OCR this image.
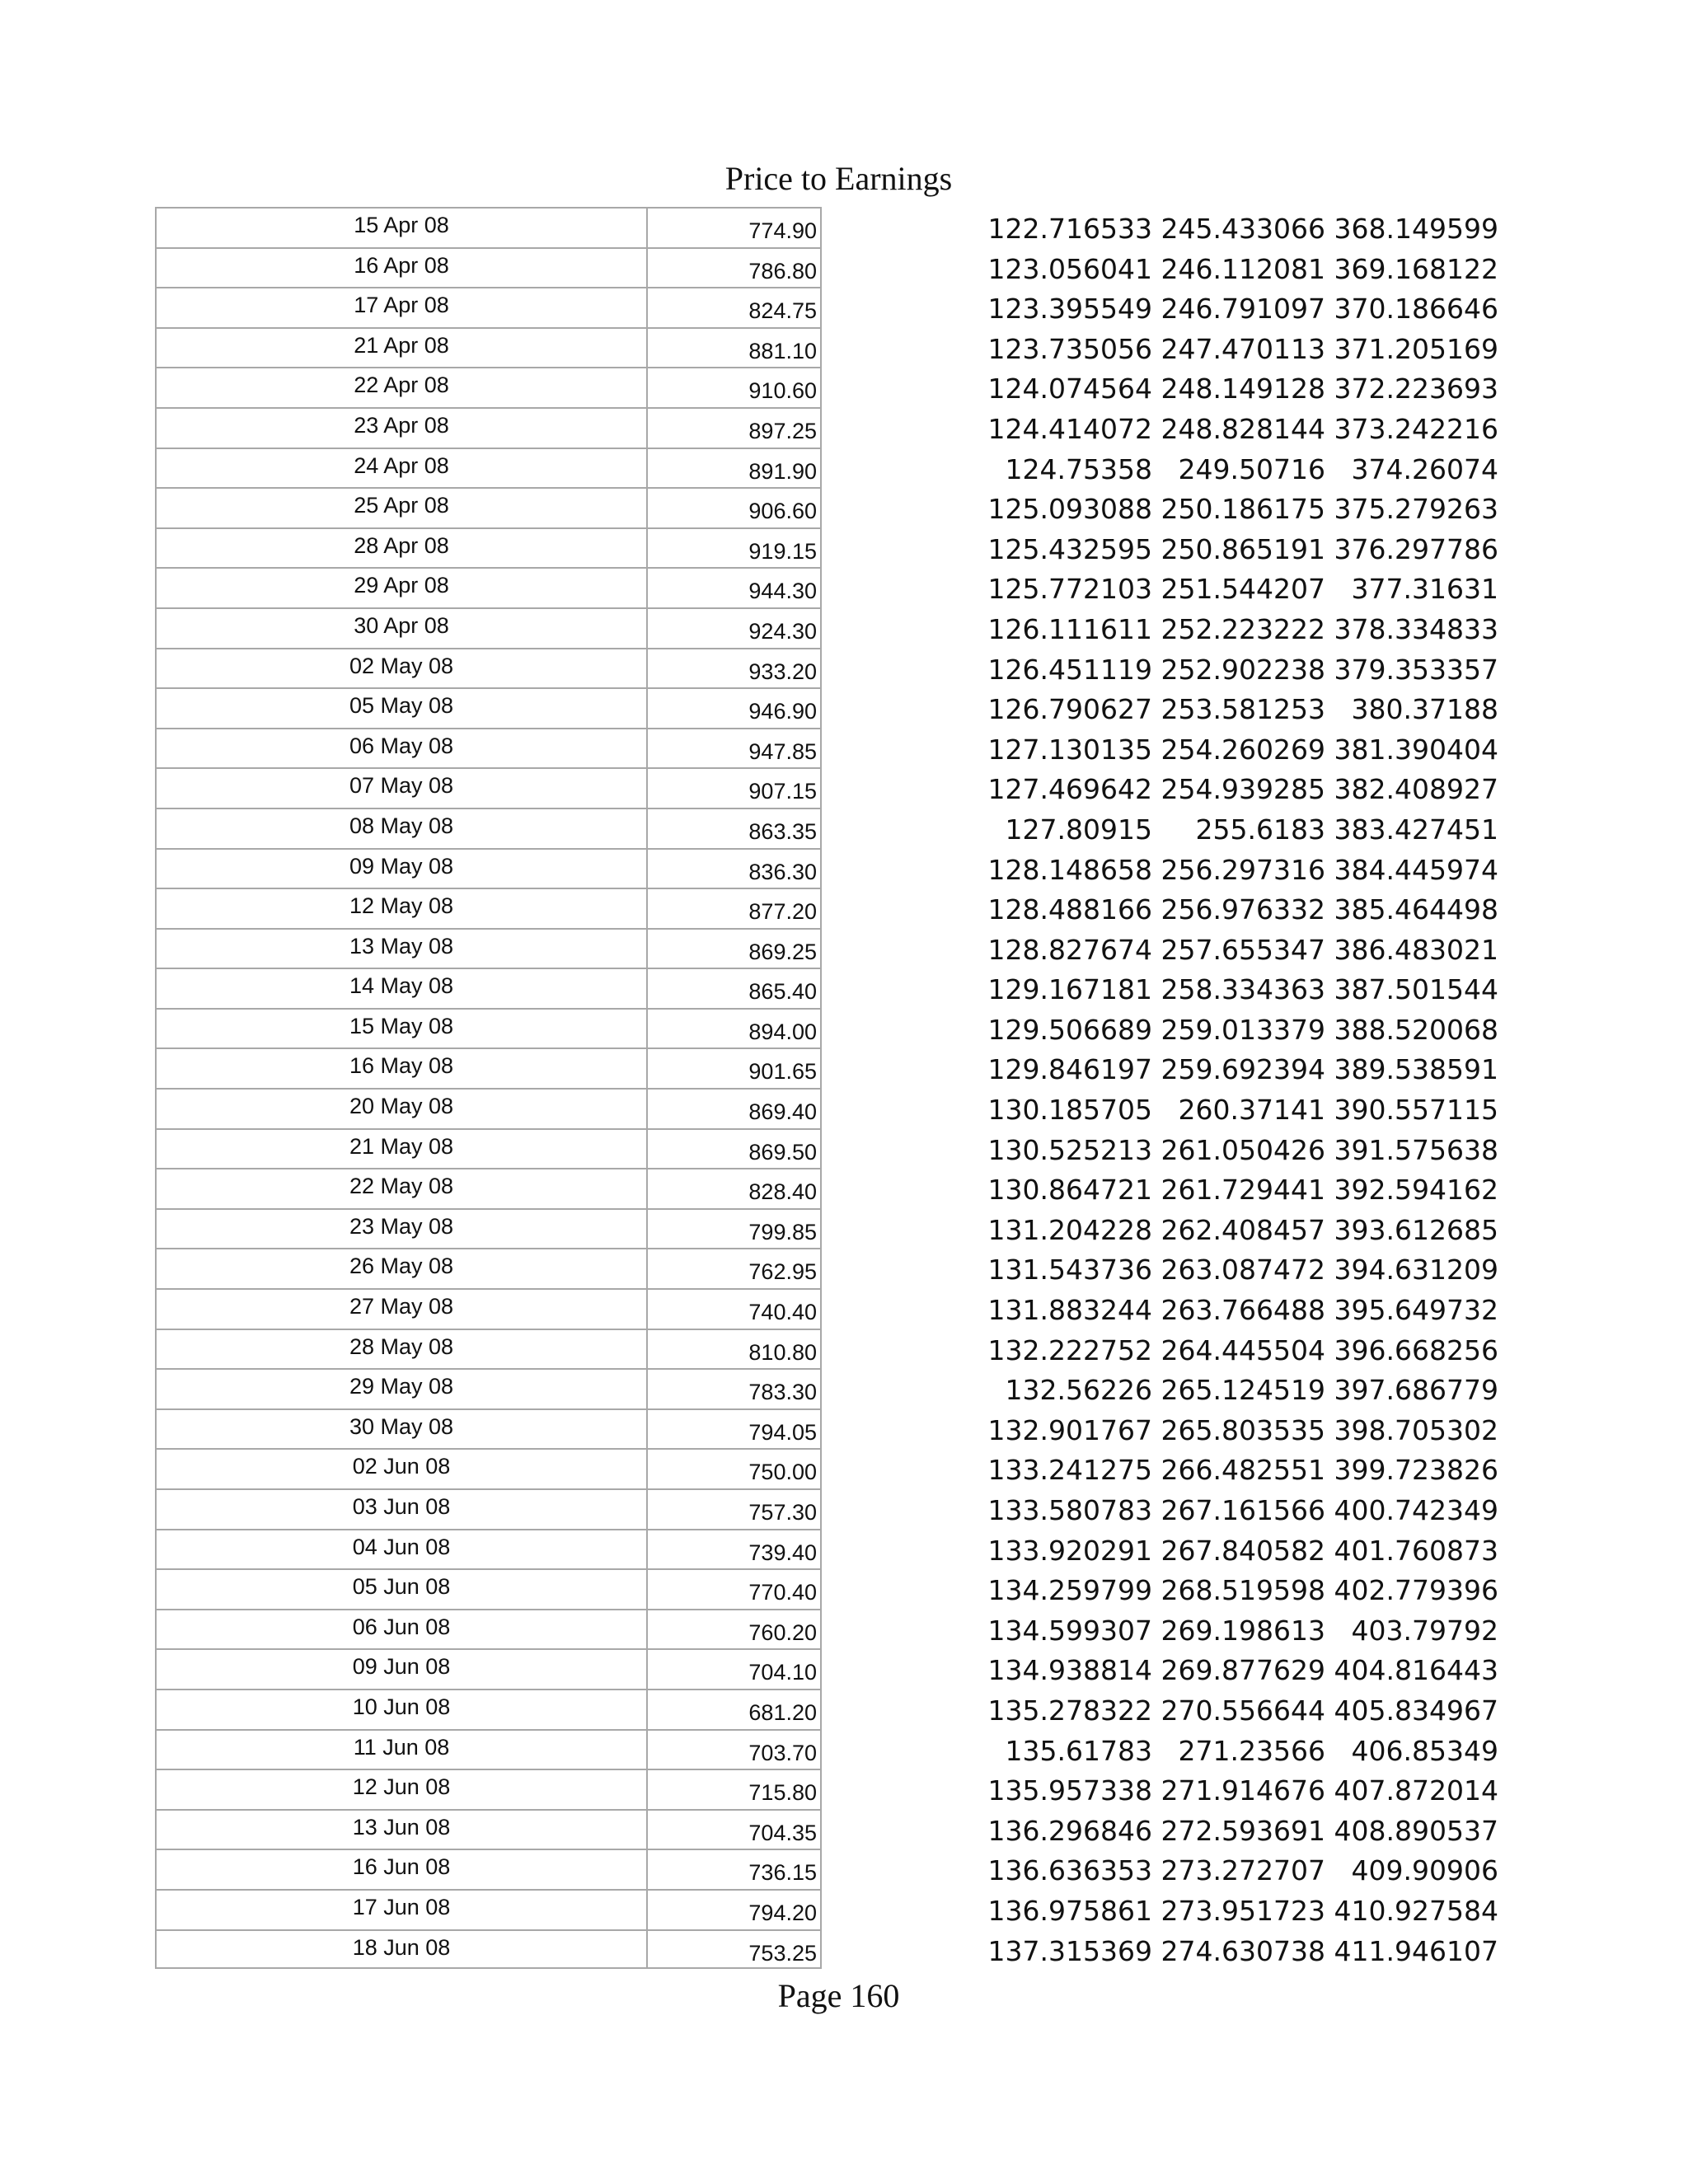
Price to Earnings
15 Apr 08	774.90	122.716533 245.433066 368.149599
16 Apr 08	786.80	123.056041 246.112081 369.168122
17 Apr 08	824.75	123.395549 246.791097 370.186646
21 Apr 08	881.10	123.735056 247.470113 371.205169
22 Apr 08	910.60	124.074564 248.149128 372.223693
23 Apr 08	897.25	124.414072 248.828144 373.242216
24 Apr 08	891.90	124.75358 249.50716 374.26074
25 Apr 08	906.60	125.093088 250.186175 375.279263
28 Apr 08	919.15	125.432595 250.865191 376.297786
29 Apr 08	944.30	125.772103 251.544207 377.31631
30 Apr 08	924.30	126.111611 252.223222 378.334833
02 May 08	933.20	126.451119 252.902238 379.353357
05 May 08	946.90	126.790627 253.581253 380.37188
06 May 08	947.85	127.130135 254.260269 381.390404
07 May 08	907.15	127.469642 254.939285 382.408927
08 May 08	863.35	127.80915	255.6183 383.427451
09 May 08	836.30	128.148658 256.297316 384.445974
12 May 08	877.20	128.488166 256.976332 385.464498
13 May 08	869.25	128.827674 257.655347 386.483021
14 May 08	865.40	129.167181 258.334363 387.501544
15 May 08	894.00	129.506689 259.013379 388.520068
16 May 08	901.65	129.846197 259.692394 389.538591
20 May 08	869.40	130.185705 260.37141 390.557115
21 May 08	869.50	130.525213 261.050426 391.575638
22 May 08	828.40	130.864721 261.729441 392.594162
23 May 08	799.85	131.204228 262.408457 393.612685
26 May 08	762.95	131.543736 263.087472 394.631209
27 May 08	740.40	131.883244 263.766488 395.649732
28 May 08	810.80	132.222752 264.445504 396.668256
29 May 08	783.30	132.56226 265.124519 397.686779
30 May 08	794.05	132.901767 265.803535 398.705302
02 Jun 08	750.00	133.241275 266.482551 399.723826
03 Jun 08	757.30	133.580783 267.161566 400.742349
04 Jun 08	739.40	133.920291 267.840582 401.760873
05 Jun 08	770.40	134.259799 268.519598 402.779396
06 Jun 08	760.20	134.599307 269.198613 403.79792
09 Jun 08	704.10	134.938814 269.877629 404.816443
10 Jun 08	681.20	135.278322 270.556644 405.834967
11 Jun 08	703.70	135.61783 271.23566 406.85349
12 Jun 08	715.80	135.957338 271.914676 407.872014
13 Jun 08	704.35	136.296846 272.593691 408.890537
16 Jun 08	736.15	136.636353 273.272707 409.90906
17 Jun 08	794.20	136.975861 273.951723 410.927584
18 Jun 08	753.25	137.315369 274.630738 411.946107
Page 160
